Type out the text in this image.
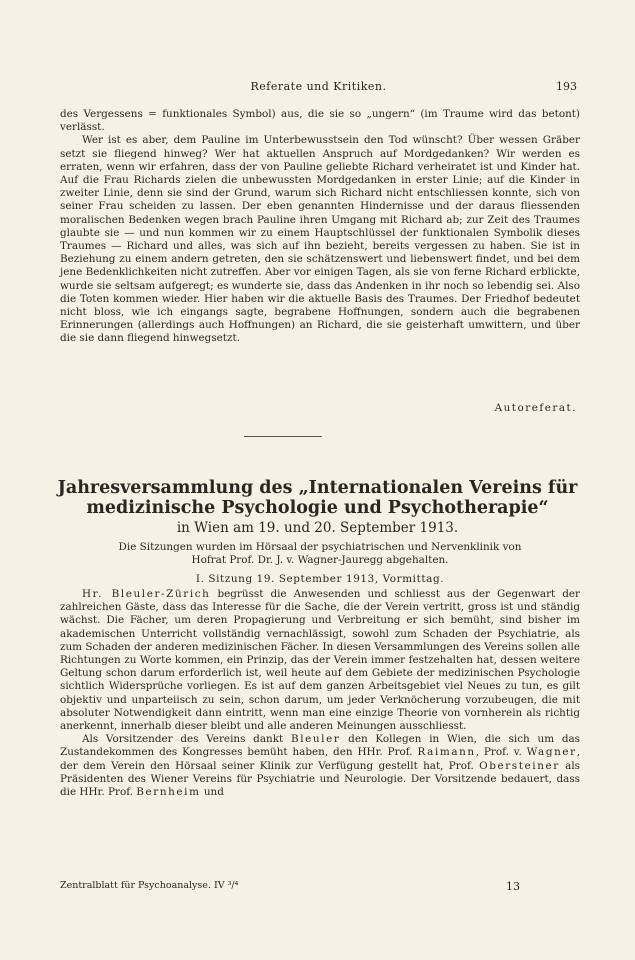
Referate und Kritiken.	193

des Vergessens = funktionales Symbol) aus, die sie so „ungern“ (im Traume wird das betont) verlässt.

Wer ist es aber, dem Pauline im Unterbewusstsein den Tod wünscht? Über wessen Gräber setzt sie fliegend hinweg? Wer hat aktuellen Anspruch auf Mordgedanken? Wir werden es erraten, wenn wir erfahren, dass der von Pauline geliebte Richard verheiratet ist und Kinder hat. Auf die Frau Richards zielen die unbewussten Mordgedanken in erster Linie; auf die Kinder in zweiter Linie, denn sie sind der Grund, warum sich Richard nicht entschliessen konnte, sich von seiner Frau scheiden zu lassen. Der eben genannten Hindernisse und der daraus fliessenden moralischen Bedenken wegen brach Pauline ihren Umgang mit Richard ab; zur Zeit des Traumes glaubte sie — und nun kommen wir zu einem Hauptschlüssel der funktionalen Symbolik dieses Traumes — Richard und alles, was sich auf ihn bezieht, bereits vergessen zu haben. Sie ist in Beziehung zu einem andern getreten, den sie schätzenswert und liebenswert findet, und bei dem jene Bedenklichkeiten nicht zutreffen. Aber vor einigen Tagen, als sie von ferne Richard erblickte, wurde sie seltsam aufgeregt; es wunderte sie, dass das Andenken in ihr noch so lebendig sei. Also die Toten kommen wieder. Hier haben wir die aktuelle Basis des Traumes. Der Friedhof bedeutet nicht bloss, wie ich eingangs sagte, begrabene Hoffnungen, sondern auch die begrabenen Erinnerungen (allerdings auch Hoffnungen) an Richard, die sie geisterhaft umwittern, und über die sie dann fliegend hinwegsetzt.

Autoreferat.
Jahresversammlung des „Internationalen Vereins für
medizinische Psychologie und Psychotherapie“
in Wien am 19. und 20. September 1913.
Die Sitzungen wurden im Hörsaal der psychiatrischen und Nervenklinik von
Hofrat Prof. Dr. J. v. Wagner-Jauregg abgehalten.
I. Sitzung 19. September 1913, Vormittag.

Hr. Bleuler-Zürich begrüsst die Anwesenden und schliesst aus der Gegenwart der zahlreichen Gäste, dass das Interesse für die Sache, die der Verein vertritt, gross ist und ständig wächst. Die Fächer, um deren Propagierung und Verbreitung er sich bemüht, sind bisher im akademischen Unterricht vollständig vernachlässigt, sowohl zum Schaden der Psychiatrie, als zum Schaden der anderen medizinischen Fächer. In diesen Versammlungen des Vereins sollen alle Richtungen zu Worte kommen, ein Prinzip, das der Verein immer festzehalten hat, dessen weitere Geltung schon darum erforderlich ist, weil heute auf dem Gebiete der medizinischen Psychologie sichtlich Widersprüche vorliegen. Es ist auf dem ganzen Arbeitsgebiet viel Neues zu tun, es gilt objektiv und unparteiisch zu sein, schon darum, um jeder Verknöcherung vorzubeugen, die mit absoluter Notwendigkeit dann eintritt, wenn man eine einzige Theorie von vornherein als richtig anerkennt, innerhalb dieser bleibt und alle anderen Meinungen ausschliesst.

Als Vorsitzender des Vereins dankt Bleuler den Kollegen in Wien, die sich um das Zustandekommen des Kongresses bemüht haben, den HHr. Prof. Raimann, Prof. v. Wagner, der dem Verein den Hörsaal seiner Klinik zur Verfügung gestellt hat, Prof. Obersteiner als Präsidenten des Wiener Vereins für Psychiatrie und Neurologie. Der Vorsitzende bedauert, dass die HHr. Prof. Bernheim und

Zentralblatt für Psychoanalyse. IV ³/⁴	13
